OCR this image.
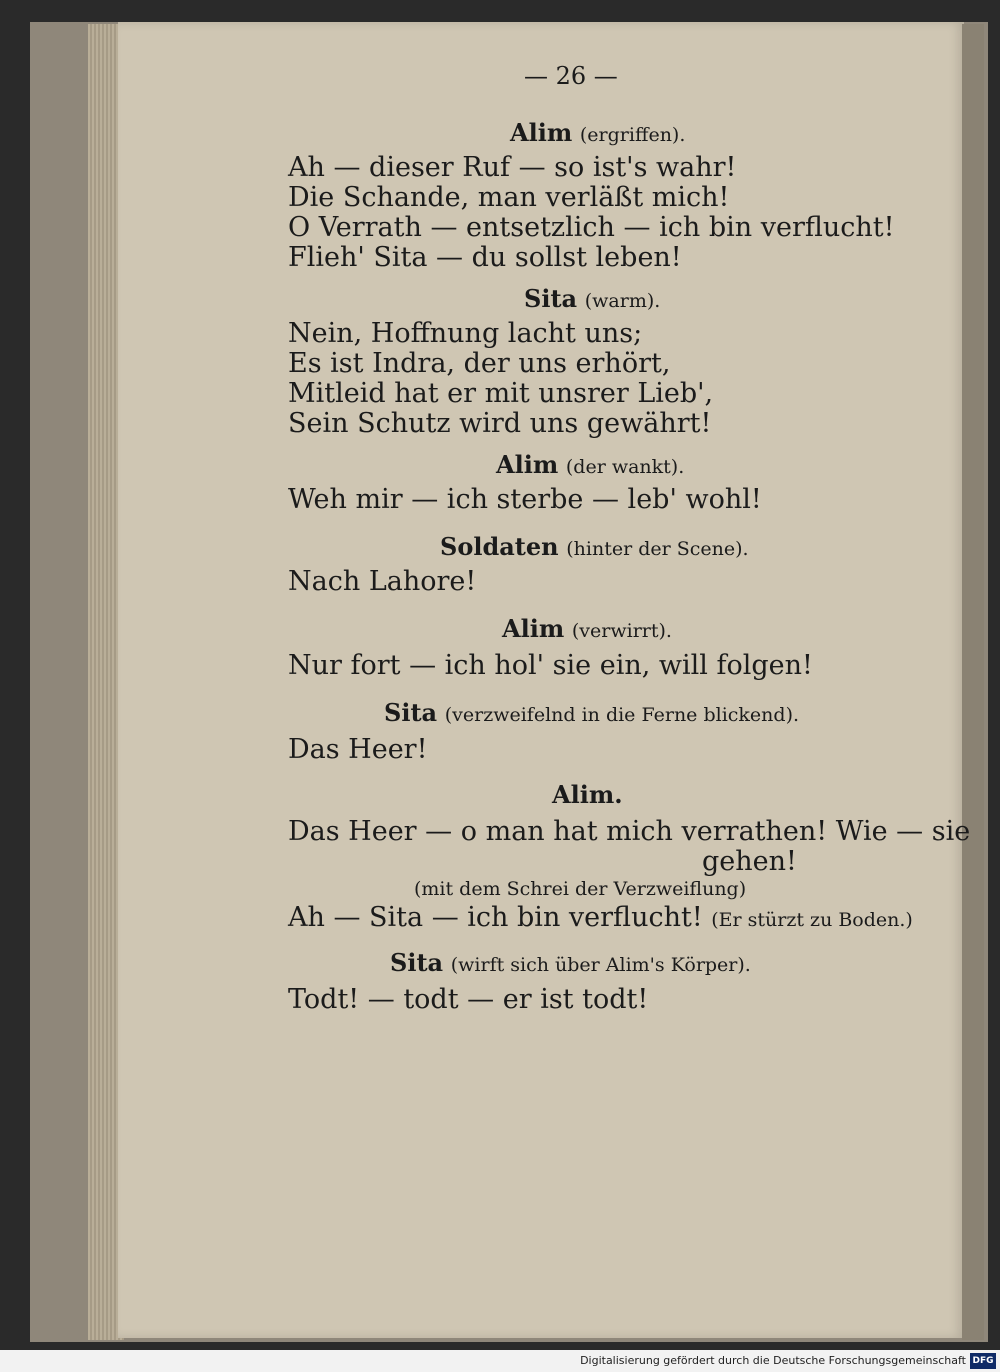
— 26 —
Alim (ergriffen).
Ah — dieser Ruf — so ist's wahr!
Die Schande, man verläßt mich!
O Verrath — entsetzlich — ich bin verflucht!
Flieh' Sita — du sollst leben!
Sita (warm).
Nein, Hoffnung lacht uns;
Es ist Indra, der uns erhört,
Mitleid hat er mit unsrer Lieb',
Sein Schutz wird uns gewährt!
Alim (der wankt).
Weh mir — ich sterbe — leb' wohl!
Soldaten (hinter der Scene).
Nach Lahore!
Alim (verwirrt).
Nur fort — ich hol' sie ein, will folgen!
Sita (verzweifelnd in die Ferne blickend).
Das Heer!
Alim.
Das Heer — o man hat mich verrathen! Wie — sie
gehen!
(mit dem Schrei der Verzweiflung)
Ah — Sita — ich bin verflucht! (Er stürzt zu Boden.)
Sita (wirft sich über Alim's Körper).
Todt! — todt — er ist todt!
Digitalisierung gefördert durch die Deutsche Forschungsgemeinschaft DFG
